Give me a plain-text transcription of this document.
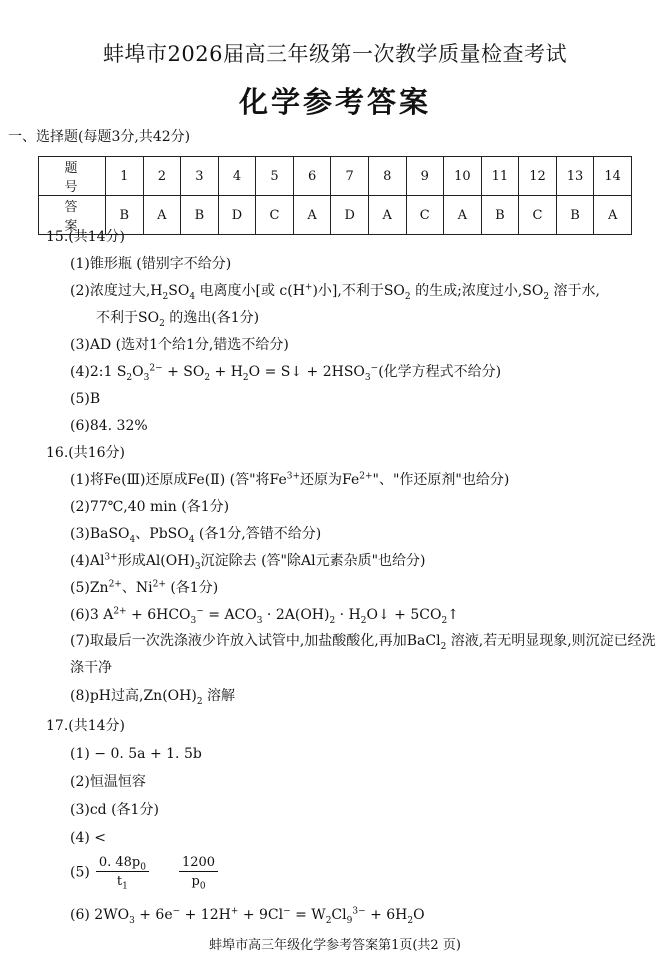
蚌埠市2026届高三年级第一次教学质量检查考试
化学参考答案
一、选择题(每题3分,共42分)
题 号	1	2	3	4	5	6	7	8	9	10	11	12	13	14
答 案	B	A	B	D	C	A	D	A	C	A	B	C	B	A
15.(共14分)
(1)锥形瓶 (错别字不给分)
(2)浓度过大$,H_2SO_4$ 电离度小[或 c(H+)小],不利于$SO_2$ 的生成;浓度过小$,SO_2$ 溶于水,
不利于$SO_2$ 的逸出(各1分)
(3)AD (选对1个给1分,错选不给分)
(4)2:1 $S_2O_3^{2-} + SO_2 + H_2O$ = S↓ + $2HSO_3^-$(化学方程式不给分)
(5)B
(6)84. 32%
16.(共16分)
(1)将Fe(Ⅲ)还原成Fe(Ⅱ) (答"将$Fe^{3+}$还原为$Fe^{2+}$"、"作还原剂"也给分)
(2)77℃,40 min (各1分)
(3)BaSO$_4$、PbSO$_4$ (各1分,答错不给分)
$(4)Al^{3+}$形成$Al(OH)_3$沉淀除去 (答"除Al元素杂质"也给分)
$(5)Zn^{2+}$、$Ni^{2+}$ (各1分)
(6)3 $A^{2+} + 6HCO_3^- = ACO_3 \cdot 2A(OH)_2$ · $H_2O↓$ + $5CO_2↑$
(7)取最后一次洗涤液少许放入试管中,加盐酸酸化,再加BaCl$_2$ 溶液,若无明显现象,则沉淀已经洗涤干净
(8)pH过高$,Zn(OH)_2$ 溶解
17.(共14分)
(1) − 0. 5a + 1. 5b
(2)恒温恒容
(3)cd (各1分)
(4) <
$(5) \frac{0. 48p_0}{t_1} \frac{1200}{p_0}$
(6) $2WO_3 + 6e^- + 12H^+ + 9Cl^- = W_2Cl_9^{3-} + 6H_2O$
蚌埠市高三年级化学参考答案第1页(共2 页)
